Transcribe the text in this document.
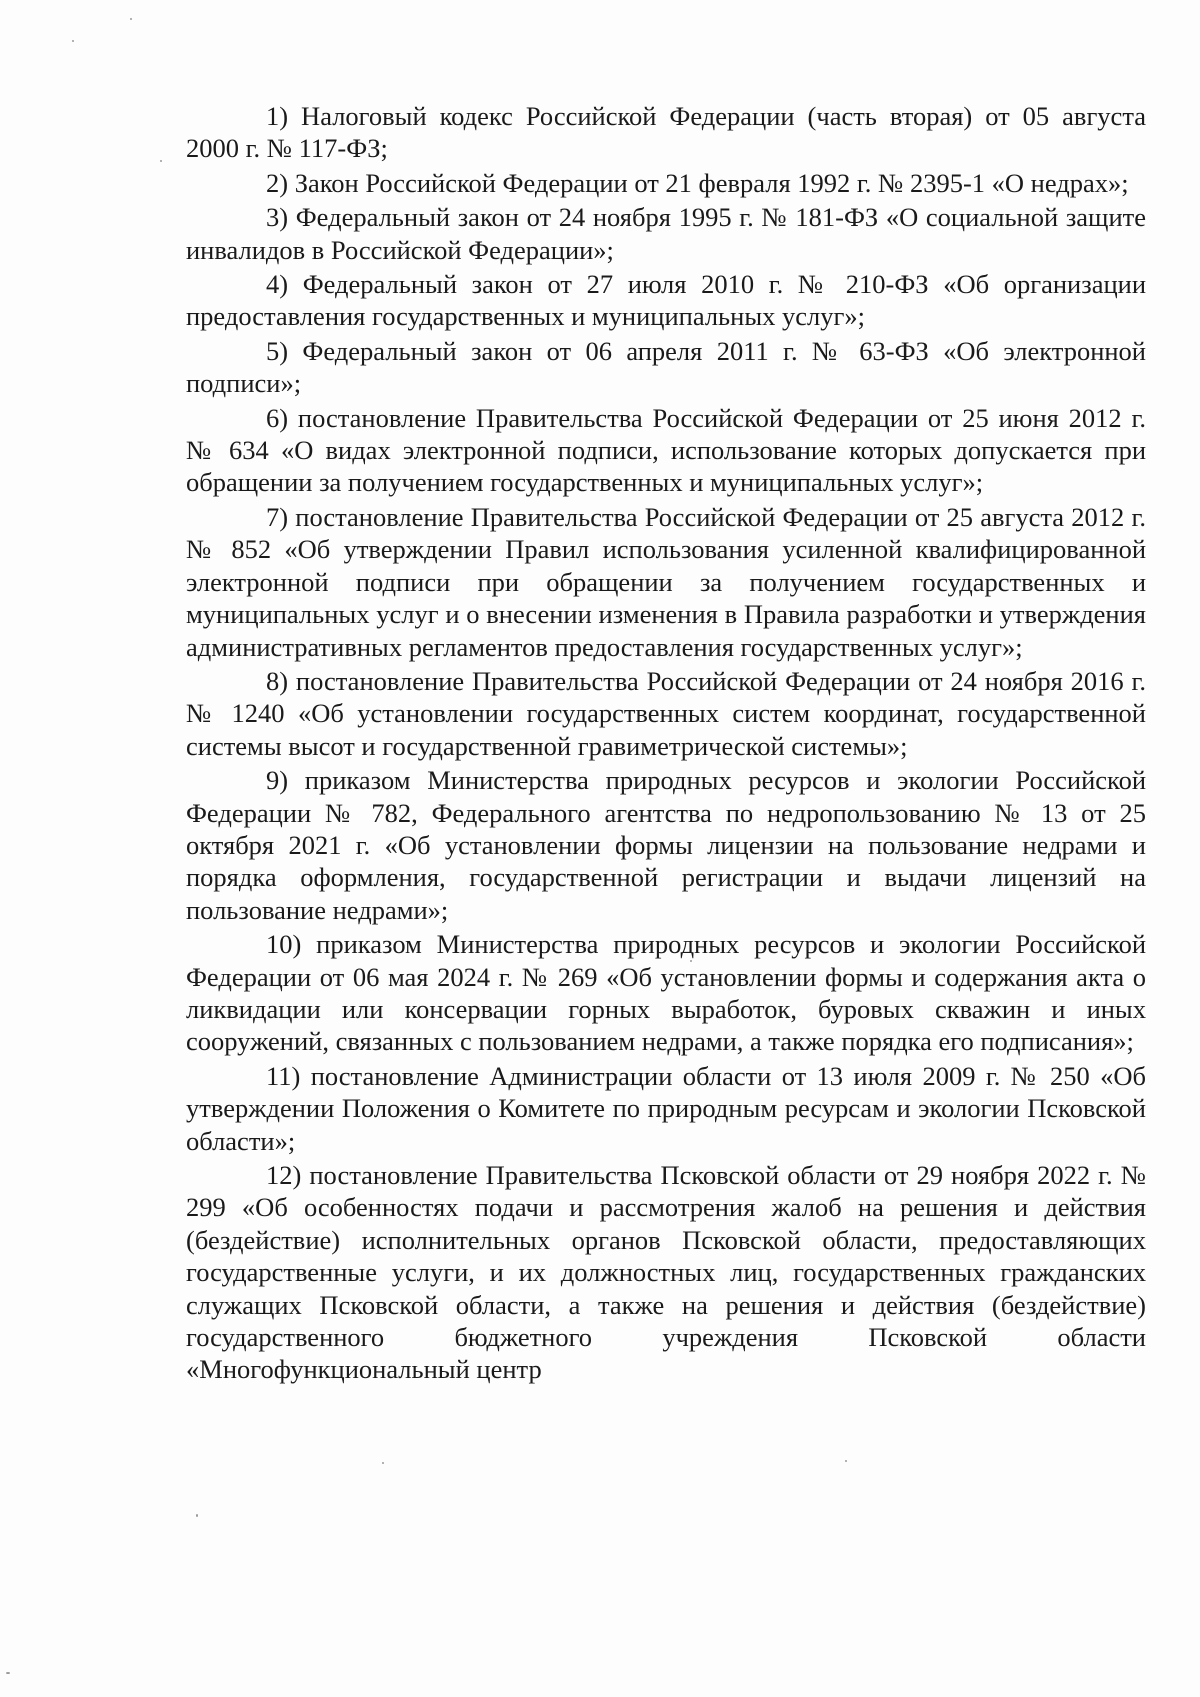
1) Налоговый кодекс Российской Федерации (часть вторая) от 05 августа 2000 г. № 117-ФЗ;

2) Закон Российской Федерации от 21 февраля 1992 г. № 2395-1 «О недрах»;

3) Федеральный закон от 24 ноября 1995 г. № 181-ФЗ «О социальной защите инвалидов в Российской Федерации»;

4) Федеральный закон от 27 июля 2010 г. № 210-ФЗ «Об организации предоставления государственных и муниципальных услуг»;

5) Федеральный закон от 06 апреля 2011 г. № 63-ФЗ «Об электронной подписи»;

6) постановление Правительства Российской Федерации от 25 июня 2012 г. № 634 «О видах электронной подписи, использование которых допускается при обращении за получением государственных и муниципальных услуг»;

7) постановление Правительства Российской Федерации от 25 августа 2012 г. № 852 «Об утверждении Правил использования усиленной квалифицированной электронной подписи при обращении за получением государственных и муниципальных услуг и о внесении изменения в Правила разработки и утверждения административных регламентов предоставления государственных услуг»;

8) постановление Правительства Российской Федерации от 24 ноября 2016 г. № 1240 «Об установлении государственных систем координат, государственной системы высот и государственной гравиметрической системы»;

9) приказом Министерства природных ресурсов и экологии Российской Федерации № 782, Федерального агентства по недропользованию № 13 от 25 октября 2021 г. «Об установлении формы лицензии на пользование недрами и порядка оформления, государственной регистрации и выдачи лицензий на пользование недрами»;

10) приказом Министерства природных ресурсов и экологии Российской Федерации от 06 мая 2024 г. № 269 «Об установлении формы и содержания акта о ликвидации или консервации горных выработок, буровых скважин и иных сооружений, связанных с пользованием недрами, а также порядка его подписания»;

11) постановление Администрации области от 13 июля 2009 г. № 250 «Об утверждении Положения о Комитете по природным ресурсам и экологии Псковской области»;

12) постановление Правительства Псковской области от 29 ноября 2022 г. № 299 «Об особенностях подачи и рассмотрения жалоб на решения и действия (бездействие) исполнительных органов Псковской области, предоставляющих государственные услуги, и их должностных лиц, государственных гражданских служащих Псковской области, а также на решения и действия (бездействие) государственного бюджетного учреждения Псковской области «Многофункциональный центр
